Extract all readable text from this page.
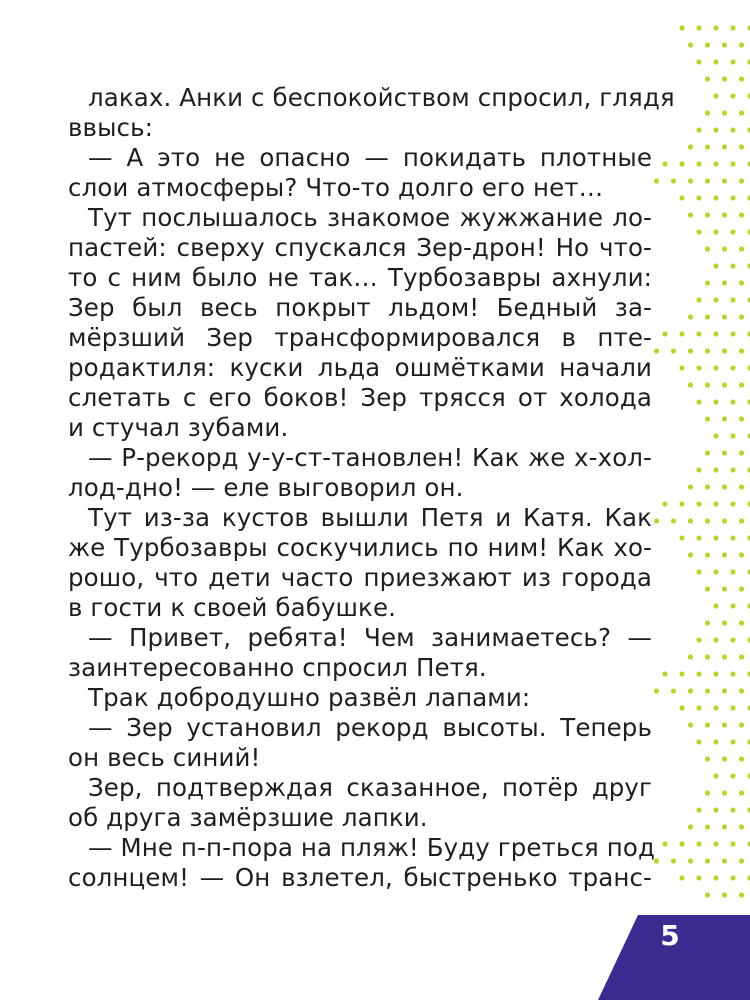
лаках. Анки с беспокойством спросил, глядя
ввысь:
— А это не опасно — покидать плотные
слои атмосферы? Что-то долго его нет…
Тут послышалось знакомое жужжание ло-
пастей: сверху спускался Зер-дрон! Но что-
то с ним было не так… Турбозавры ахнули:
Зер был весь покрыт льдом! Бедный за-
мёрзший Зер трансформировался в пте-
родактиля: куски льда ошмётками начали
слетать с его боков! Зер трясся от холода
и стучал зубами.
— Р-рекорд у-у-ст-тановлен! Как же х-хол-
лод-дно! — еле выговорил он.
Тут из-за кустов вышли Петя и Катя. Как
же Турбозавры соскучились по ним! Как хо-
рошо, что дети часто приезжают из города
в гости к своей бабушке.
— Привет, ребята! Чем занимаетесь? —
заинтересованно спросил Петя.
Трак добродушно развёл лапами:
— Зер установил рекорд высоты. Теперь
он весь синий!
Зер, подтверждая сказанное, потёр друг
об друга замёрзшие лапки.
— Мне п-п-пора на пляж! Буду греться под
солнцем! — Он взлетел, быстренько транс-
5
